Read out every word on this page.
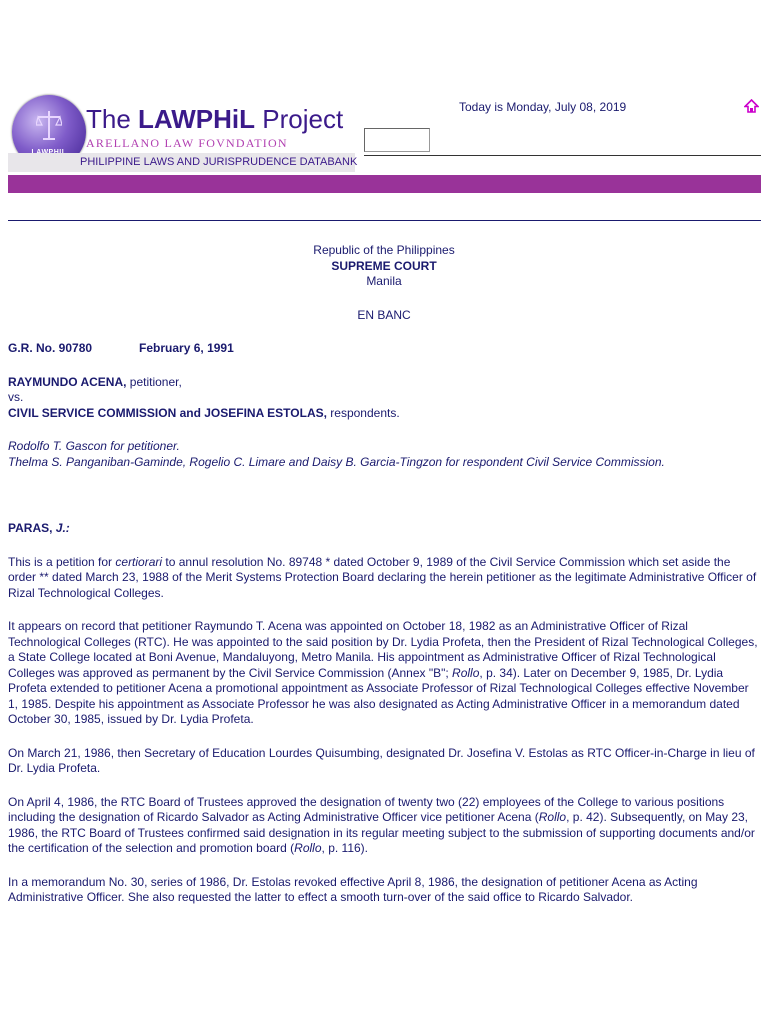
The LAWPHiL Project
ARELLANO LAW FOVNDATION
PHILIPPINE LAWS AND JURISPRUDENCE DATABANK
Today is Monday, July 08, 2019
Republic of the Philippines
SUPREME COURT
Manila
EN BANC
G.R. No. 90780	February 6, 1991
RAYMUNDO ACENA, petitioner,
vs.
CIVIL SERVICE COMMISSION and JOSEFINA ESTOLAS, respondents.
Rodolfo T. Gascon for petitioner.
Thelma S. Panganiban-Gaminde, Rogelio C. Limare and Daisy B. Garcia-Tingzon for respondent Civil Service Commission.
PARAS, J.:

This is a petition for certiorari to annul resolution No. 89748 * dated October 9, 1989 of the Civil Service Commission which set aside the order ** dated March 23, 1988 of the Merit Systems Protection Board declaring the herein petitioner as the legitimate Administrative Officer of Rizal Technological Colleges.

It appears on record that petitioner Raymundo T. Acena was appointed on October 18, 1982 as an Administrative Officer of Rizal Technological Colleges (RTC). He was appointed to the said position by Dr. Lydia Profeta, then the President of Rizal Technological Colleges, a State College located at Boni Avenue, Mandaluyong, Metro Manila. His appointment as Administrative Officer of Rizal Technological Colleges was approved as permanent by the Civil Service Commission (Annex "B"; Rollo, p. 34). Later on December 9, 1985, Dr. Lydia Profeta extended to petitioner Acena a promotional appointment as Associate Professor of Rizal Technological Colleges effective November 1, 1985. Despite his appointment as Associate Professor he was also designated as Acting Administrative Officer in a memorandum dated October 30, 1985, issued by Dr. Lydia Profeta.

On March 21, 1986, then Secretary of Education Lourdes Quisumbing, designated Dr. Josefina V. Estolas as RTC Officer-in-Charge in lieu of Dr. Lydia Profeta.

On April 4, 1986, the RTC Board of Trustees approved the designation of twenty two (22) employees of the College to various positions including the designation of Ricardo Salvador as Acting Administrative Officer vice petitioner Acena (Rollo, p. 42). Subsequently, on May 23, 1986, the RTC Board of Trustees confirmed said designation in its regular meeting subject to the submission of supporting documents and/or the certification of the selection and promotion board (Rollo, p. 116).

In a memorandum No. 30, series of 1986, Dr. Estolas revoked effective April 8, 1986, the designation of petitioner Acena as Acting Administrative Officer. She also requested the latter to effect a smooth turn-over of the said office to Ricardo Salvador.
